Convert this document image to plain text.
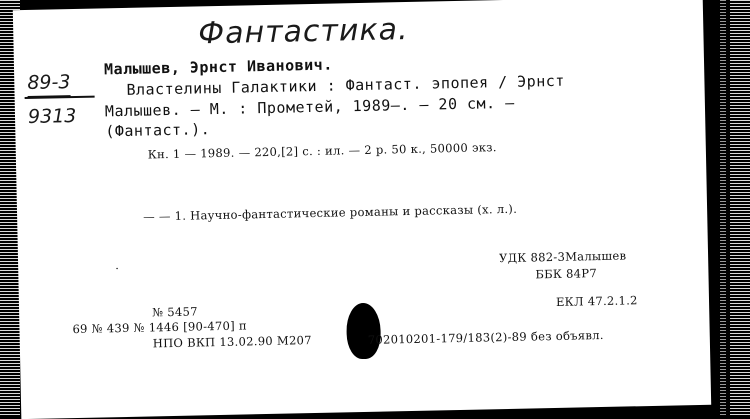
Фантастика.
89-3
9313
Малышев, Эрнст Иванович.
Властелины Галактики : Фантаст. эпопея / Эрнст
Малышев. — М. : Прометей, 1989—. — 20 см. —
(Фантаст.).
Кн. 1 — 1989. — 220,[2] с. : ил. — 2 р. 50 к., 50000 экз.
— — 1. Научно-фантастические романы и рассказы (х. л.).
.
УДК 882-3Малышев
ББК 84Р7
№ 5457
ЕКЛ 47.2.1.2
69 № 439 № 1446 [90-470] п
НПО ВКП 13.02.90 М207	702010201-179/183(2)-89 без объявл.
